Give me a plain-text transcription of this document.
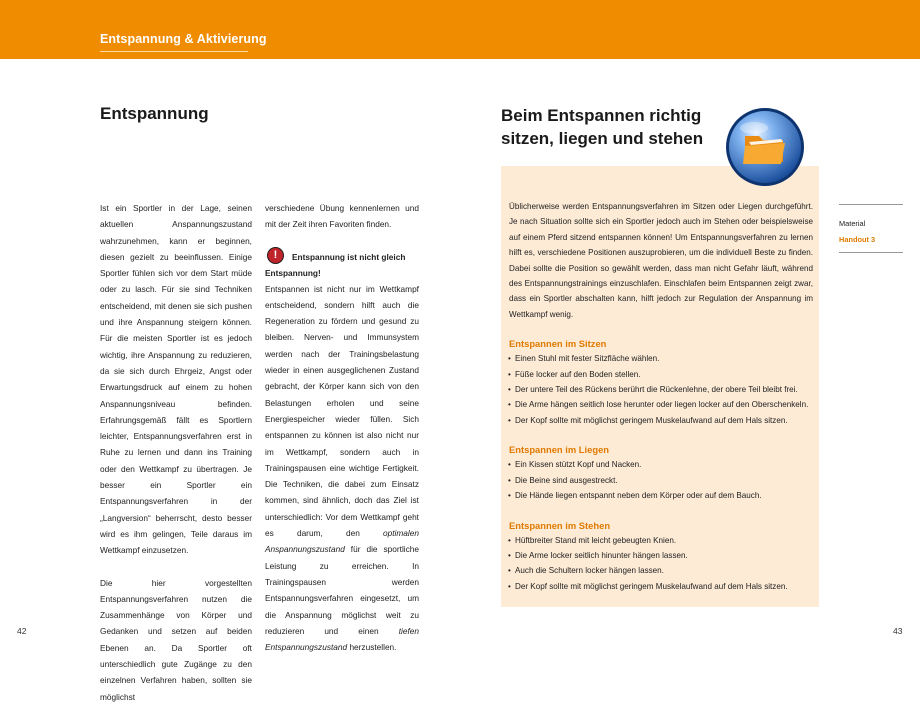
Entspannung & Aktivierung
Entspannung	Beim Entspannen richtig
sitzen, liegen und stehen

Ist ein Sportler in der Lage, seinen aktuellen Anspannungszustand wahrzunehmen, kann er beginnen, diesen gezielt zu beeinflussen. Einige Sportler fühlen sich vor dem Start müde oder zu lasch. Für sie sind Techniken entscheidend, mit denen sie sich pushen und ihre Anspannung steigern können. Für die meisten Sportler ist es jedoch wichtig, ihre Anspannung zu reduzieren, da sie sich durch Ehrgeiz, Angst oder Erwartungsdruck auf einem zu hohen Anspannungsniveau befinden. Erfahrungsgemäß fällt es Sportlern leichter, Entspannungsverfahren erst in Ruhe zu lernen und dann ins Training oder den Wettkampf zu übertragen. Je besser ein Sportler ein Entspannungsverfahren in der „Langversion“ beherrscht, desto besser wird es ihm gelingen, Teile daraus im Wettkampf einzusetzen.

Die hier vorgestellten Entspannungsverfahren nutzen die Zusammenhänge von Körper und Gedanken und setzen auf beiden Ebenen an. Da Sportler oft unterschiedlich gute Zugänge zu den einzelnen Verfahren haben, sollten sie möglichst

verschiedene Übung kennenlernen und mit der Zeit ihren Favoriten finden.

! Entspannung ist nicht gleich
Entspannung!

Entspannen ist nicht nur im Wettkampf entscheidend, sondern hilft auch die Regeneration zu fördern und gesund zu bleiben. Nerven- und Immunsystem werden nach der Trainingsbelastung wieder in einen ausgeglichenen Zustand gebracht, der Körper kann sich von den Belastungen erholen und seine Energiespeicher wieder füllen. Sich entspannen zu können ist also nicht nur im Wettkampf, sondern auch in Trainingspausen eine wichtige Fertigkeit. Die Techniken, die dabei zum Einsatz kommen, sind ähnlich, doch das Ziel ist unterschiedlich: Vor dem Wettkampf geht es darum, den	optimalen Anspannungszustand für die sportliche Leistung zu erreichen. In Trainingspausen werden Entspannungsverfahren eingesetzt, um die Anspannung möglichst weit zu reduzieren und einen tiefen Entspannungszustand herzustellen.

Üblicherweise werden Entspannungsverfahren im Sitzen oder Liegen durchgeführt. Je nach Situation sollte sich ein Sportler jedoch auch im Stehen oder beispielsweise auf einem Pferd sitzend entspannen können! Um Entspannungsverfahren zu lernen hilft es, verschiedene Positionen auszuprobieren, um die individuell Beste zu finden. Dabei sollte die Position so gewählt werden, dass man nicht Gefahr läuft, während des Entspannungstrainings einzuschlafen. Einschlafen beim Entspannen zeigt zwar, dass ein Sportler abschalten kann, hilft jedoch zur Regulation der Anspannung im Wettkampf wenig.

Entspannen im Sitzen
• Einen Stuhl mit fester Sitzfläche wählen.
• Füße locker auf den Boden stellen.
• Der untere Teil des Rückens berührt die Rückenlehne, der obere Teil bleibt frei.
• Die Arme hängen seitlich lose herunter oder liegen locker auf den Oberschenkeln.
• Der Kopf sollte mit möglichst geringem Muskelaufwand auf dem Hals sitzen.
Entspannen im Liegen
• Ein Kissen stützt Kopf und Nacken.
• Die Beine sind ausgestreckt.
• Die Hände liegen entspannt neben dem Körper oder auf dem Bauch.
Entspannen im Stehen
• Hüftbreiter Stand mit leicht gebeugten Knien.
• Die Arme locker seitlich hinunter hängen lassen.
• Auch die Schultern locker hängen lassen.
• Der Kopf sollte mit möglichst geringem Muskelaufwand auf dem Hals sitzen.
Material
Handout 3
42	43
